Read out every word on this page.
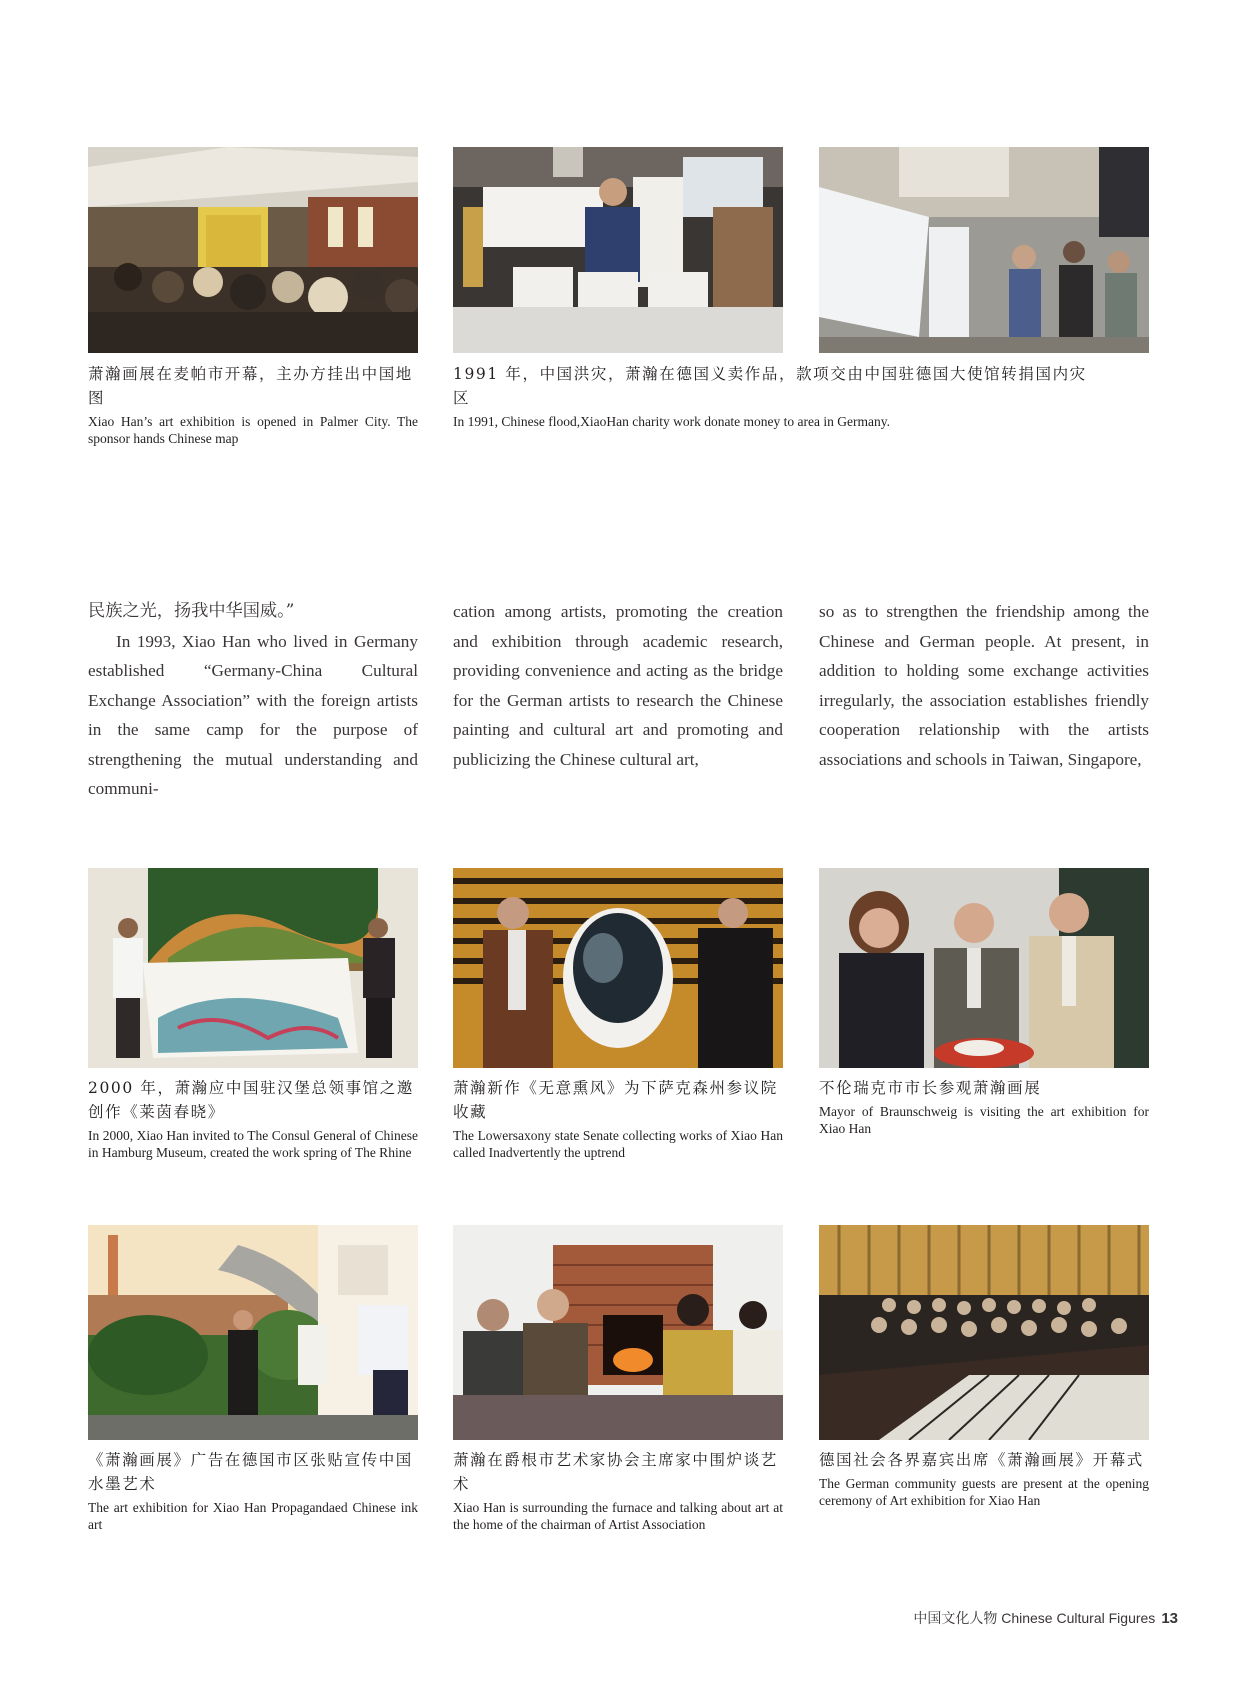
萧瀚画展在麦帕市开幕，主办方挂出中国地图
Xiao Han’s art exhibition is opened in Palmer City. The sponsor hands Chinese map
1991 年，中国洪灾，萧瀚在德国义卖作品，款项交由中国驻德国大使馆转捐国内灾区
In 1991, Chinese flood,XiaoHan charity work donate money to area in Germany.

民族之光，扬我中华国威。”

In 1993, Xiao Han who lived in Germany established “Germany-China Cultural Exchange Association” with the foreign artists in the same camp for the purpose of strengthening the mutual understanding and communi-

cation among artists, promoting the creation and exhibition through academic research, providing convenience and acting as the bridge for the German artists to research the Chinese painting and cultural art and promoting and publicizing the Chinese cultural art,

so as to strengthen the friendship among the Chinese and German people. At present, in addition to holding some exchange activities irregularly, the association establishes friendly cooperation relationship with the artists associations and schools in Taiwan, Singapore,

2000 年，萧瀚应中国驻汉堡总领事馆之邀创作《莱茵春晓》
In 2000, Xiao Han invited to The Consul General of Chinese in Hamburg Museum, created the work spring of The Rhine
萧瀚新作《无意熏风》为下萨克森州参议院收藏
The Lowersaxony state Senate collecting works of Xiao Han called Inadvertently the uptrend
不伦瑞克市市长参观萧瀚画展
Mayor of Braunschweig is visiting the art exhibition for Xiao Han
《萧瀚画展》广告在德国市区张贴宣传中国水墨艺术
The art exhibition for Xiao Han Propagandaed Chinese ink art
萧瀚在爵根市艺术家协会主席家中围炉谈艺术
Xiao Han is surrounding the furnace and talking about art at the home of the chairman of Artist Association
德国社会各界嘉宾出席《萧瀚画展》开幕式
The German community guests are present at the opening ceremony of Art exhibition for Xiao Han
中国文化人物 Chinese Cultural Figures 13
